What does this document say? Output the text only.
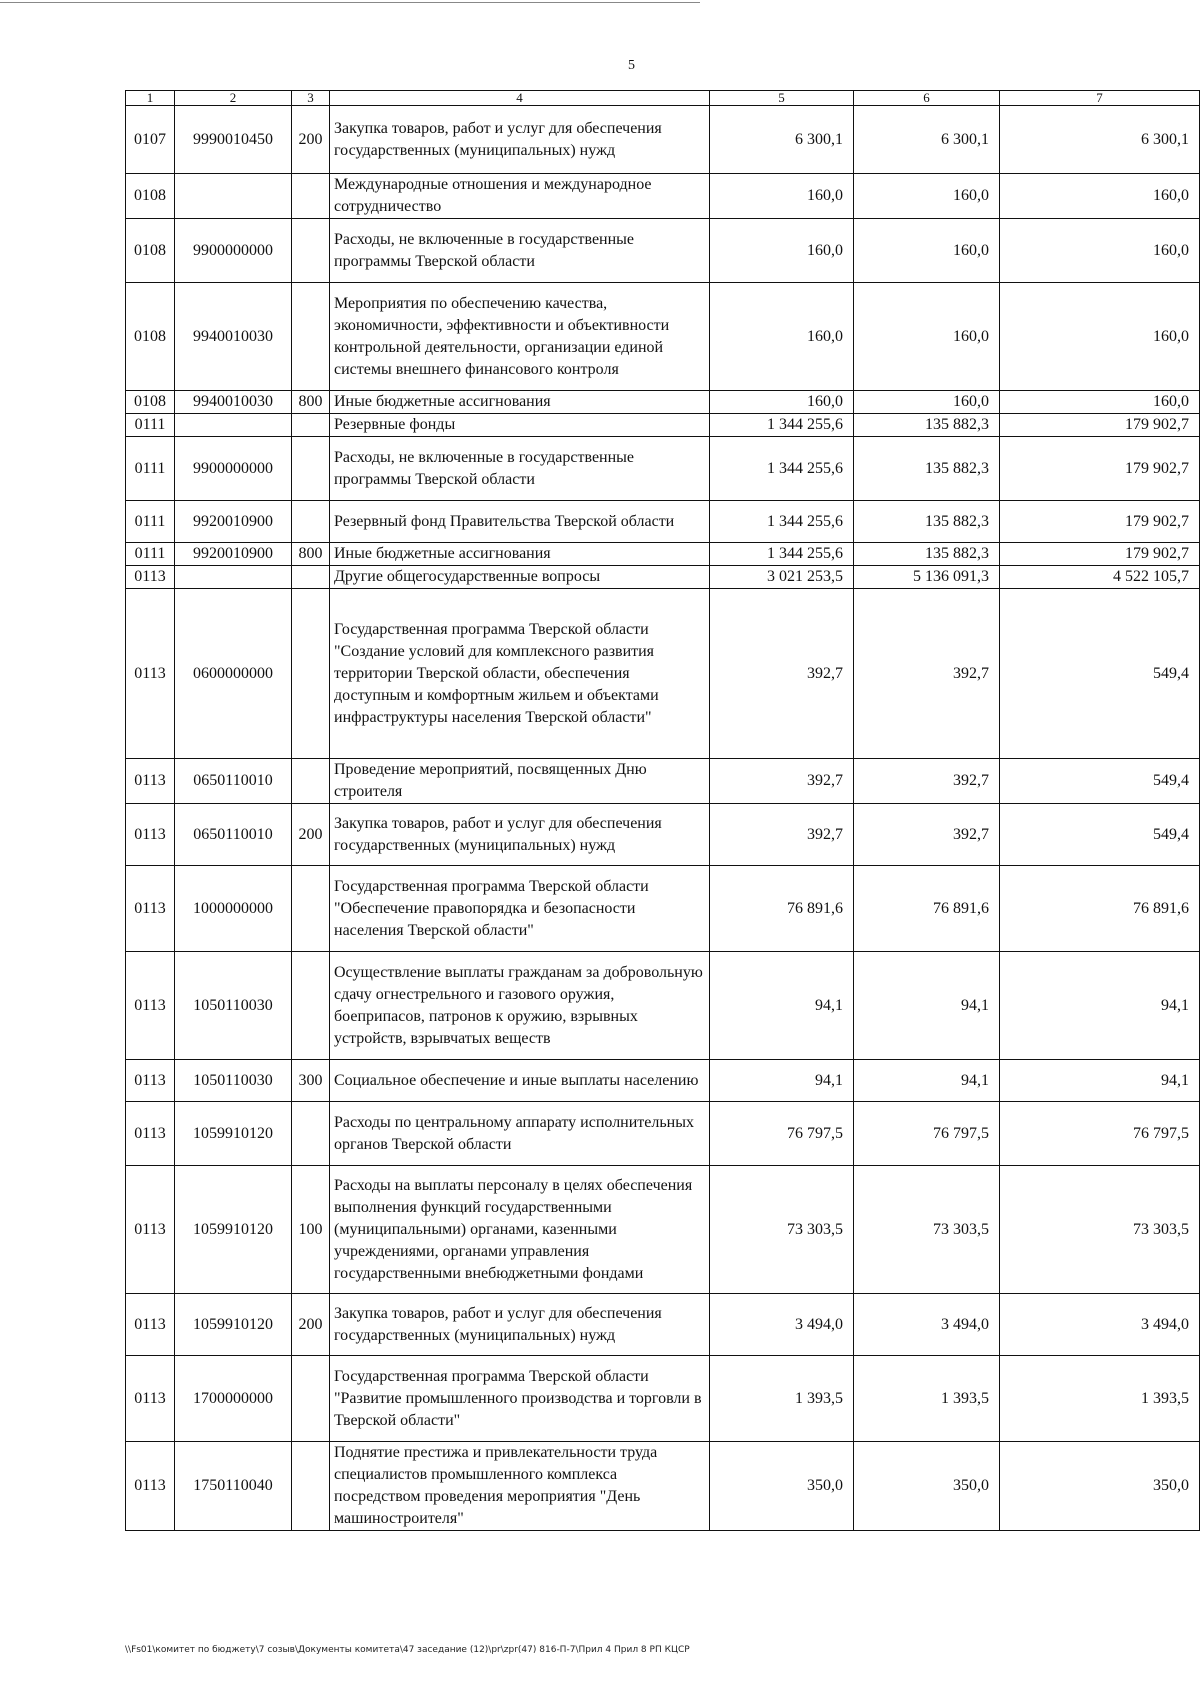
5
1	2	3	4	5	6	7
0107	9990010450	200	Закупка товаров, работ и услуг для обеспечения государственных (муниципальных) нужд	6 300,1	6 300,1	6 300,1
0108			Международные отношения и международное сотрудничество	160,0	160,0	160,0
0108	9900000000		Расходы, не включенные в государственные программы Тверской области	160,0	160,0	160,0
0108	9940010030		Мероприятия по обеспечению качества, экономичности, эффективности и объективности контрольной деятельности, организации единой системы внешнего финансового контроля	160,0	160,0	160,0
0108	9940010030	800	Иные бюджетные ассигнования	160,0	160,0	160,0
0111			Резервные фонды	1 344 255,6	135 882,3	179 902,7
0111	9900000000		Расходы, не включенные в государственные программы Тверской области	1 344 255,6	135 882,3	179 902,7
0111	9920010900		Резервный фонд Правительства Тверской области	1 344 255,6	135 882,3	179 902,7
0111	9920010900	800	Иные бюджетные ассигнования	1 344 255,6	135 882,3	179 902,7
0113			Другие общегосударственные вопросы	3 021 253,5	5 136 091,3	4 522 105,7
0113	0600000000		Государственная программа Тверской области "Создание условий для комплексного развития территории Тверской области, обеспечения доступным и комфортным жильем и объектами инфраструктуры населения Тверской области"	392,7	392,7	549,4
0113	0650110010		Проведение мероприятий, посвященных Дню строителя	392,7	392,7	549,4
0113	0650110010	200	Закупка товаров, работ и услуг для обеспечения государственных (муниципальных) нужд	392,7	392,7	549,4
0113	1000000000		Государственная программа Тверской области "Обеспечение правопорядка и безопасности населения Тверской области"	76 891,6	76 891,6	76 891,6
0113	1050110030		Осуществление выплаты гражданам за добровольную сдачу огнестрельного и газового оружия, боеприпасов, патронов к оружию, взрывных устройств, взрывчатых веществ	94,1	94,1	94,1
0113	1050110030	300	Социальное обеспечение и иные выплаты населению	94,1	94,1	94,1
0113	1059910120		Расходы по центральному аппарату исполнительных органов Тверской области	76 797,5	76 797,5	76 797,5
0113	1059910120	100	Расходы на выплаты персоналу в целях обеспечения выполнения функций государственными (муниципальными) органами, казенными учреждениями, органами управления государственными внебюджетными фондами	73 303,5	73 303,5	73 303,5
0113	1059910120	200	Закупка товаров, работ и услуг для обеспечения государственных (муниципальных) нужд	3 494,0	3 494,0	3 494,0
0113	1700000000		Государственная программа Тверской области "Развитие промышленного производства и торговли в Тверской области"	1 393,5	1 393,5	1 393,5
0113	1750110040		Поднятие престижа и привлекательности труда специалистов промышленного комплекса посредством проведения мероприятия "День машиностроителя"	350,0	350,0	350,0
\\Fs01\комитет по бюджету\7 созыв\Документы комитета\47 заседание (12)\pr\zpr(47) 816-П-7\Прил 4 Прил 8 РП КЦСР
